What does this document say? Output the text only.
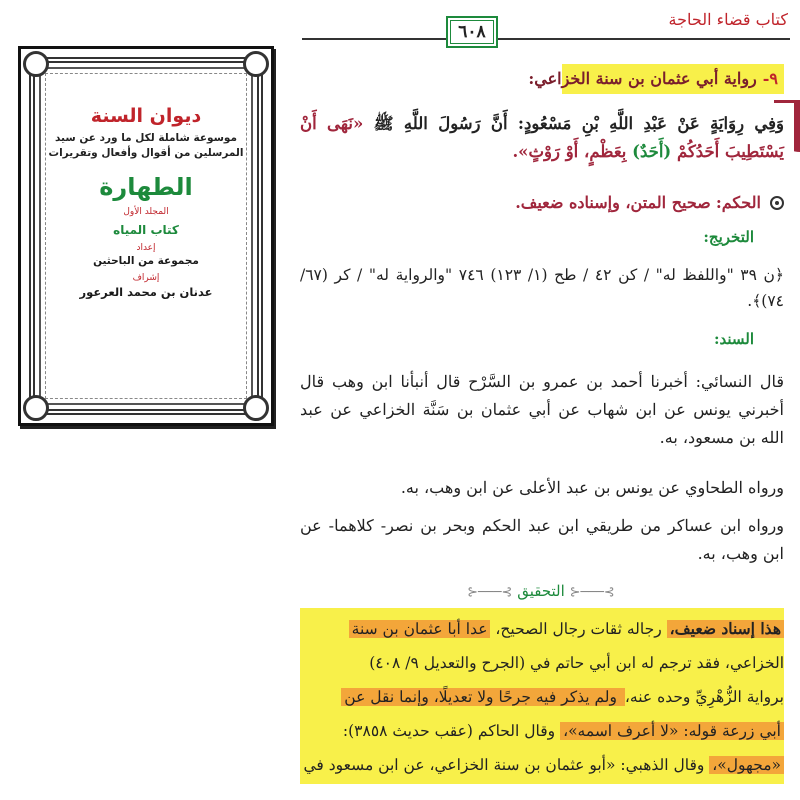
ديوان السنة
موسوعة شاملة لكل ما ورد عن سيد
المرسلين من أقوال وأفعال وتقريرات
الطهارة
المجلد الأول
كتاب المياه
إعداد
مجموعة من الباحثين
إشراف
عدنان بن محمد العرعور
كتاب قضاء الحاجة
٦٠٨
٩-رواية أبي عثمان بن سنة الخزاعي:

وَفِي رِوَايَةٍ عَنْ عَبْدِ اللَّهِ بْنِ مَسْعُودٍ: أَنَّ رَسُولَ اللَّهِ ﷺ «نَهَى أَنْ يَسْتَطِيبَ أَحَدُكُمْ (أَحَدٌ) بِعَظْمٍ، أَوْ رَوْثٍ».

الحكم: صحيح المتن، وإسناده ضعيف.
التخريج:

﴿ن ٣٩ "واللفظ له" / كن ٤٢ / طح (١/ ١٢٣) ٧٤٦ "والرواية له" / كر (٦٧/ ٧٤)﴾.

السند:

قال النسائي: أخبرنا أحمد بن عمرو بن السَّرْح قال أنبأنا ابن وهب قال أخبرني يونس عن ابن شهاب عن أبي عثمان بن سَنَّة الخزاعي عن عبد الله بن مسعود، به.

ورواه الطحاوي عن يونس بن عبد الأعلى عن ابن وهب، به.

ورواه ابن عساكر من طريقي ابن عبد الحكم وبحر بن نصر- كلاهما- عن ابن وهب، به.

⊱───⊰ التحقيق ⊱───⊰
هذا إسناد ضعيف، رجاله ثقات رجال الصحيح، عدا أبا عثمان بن سنة
الخزاعي، فقد ترجم له ابن أبي حاتم في (الجرح والتعديل ٩/ ٤٠٨)
برواية الزُّهْرِيِّ وحده عنه، ولم يذكر فيه جرحًا ولا تعديلًا، وإنما نقل عن
أبي زرعة قوله: «لا أعرف اسمه»، وقال الحاكم (عقب حديث ٣٨٥٨):
«مجهول»، وقال الذهبي: «أبو عثمان بن سنة الخزاعي، عن ابن مسعود في
